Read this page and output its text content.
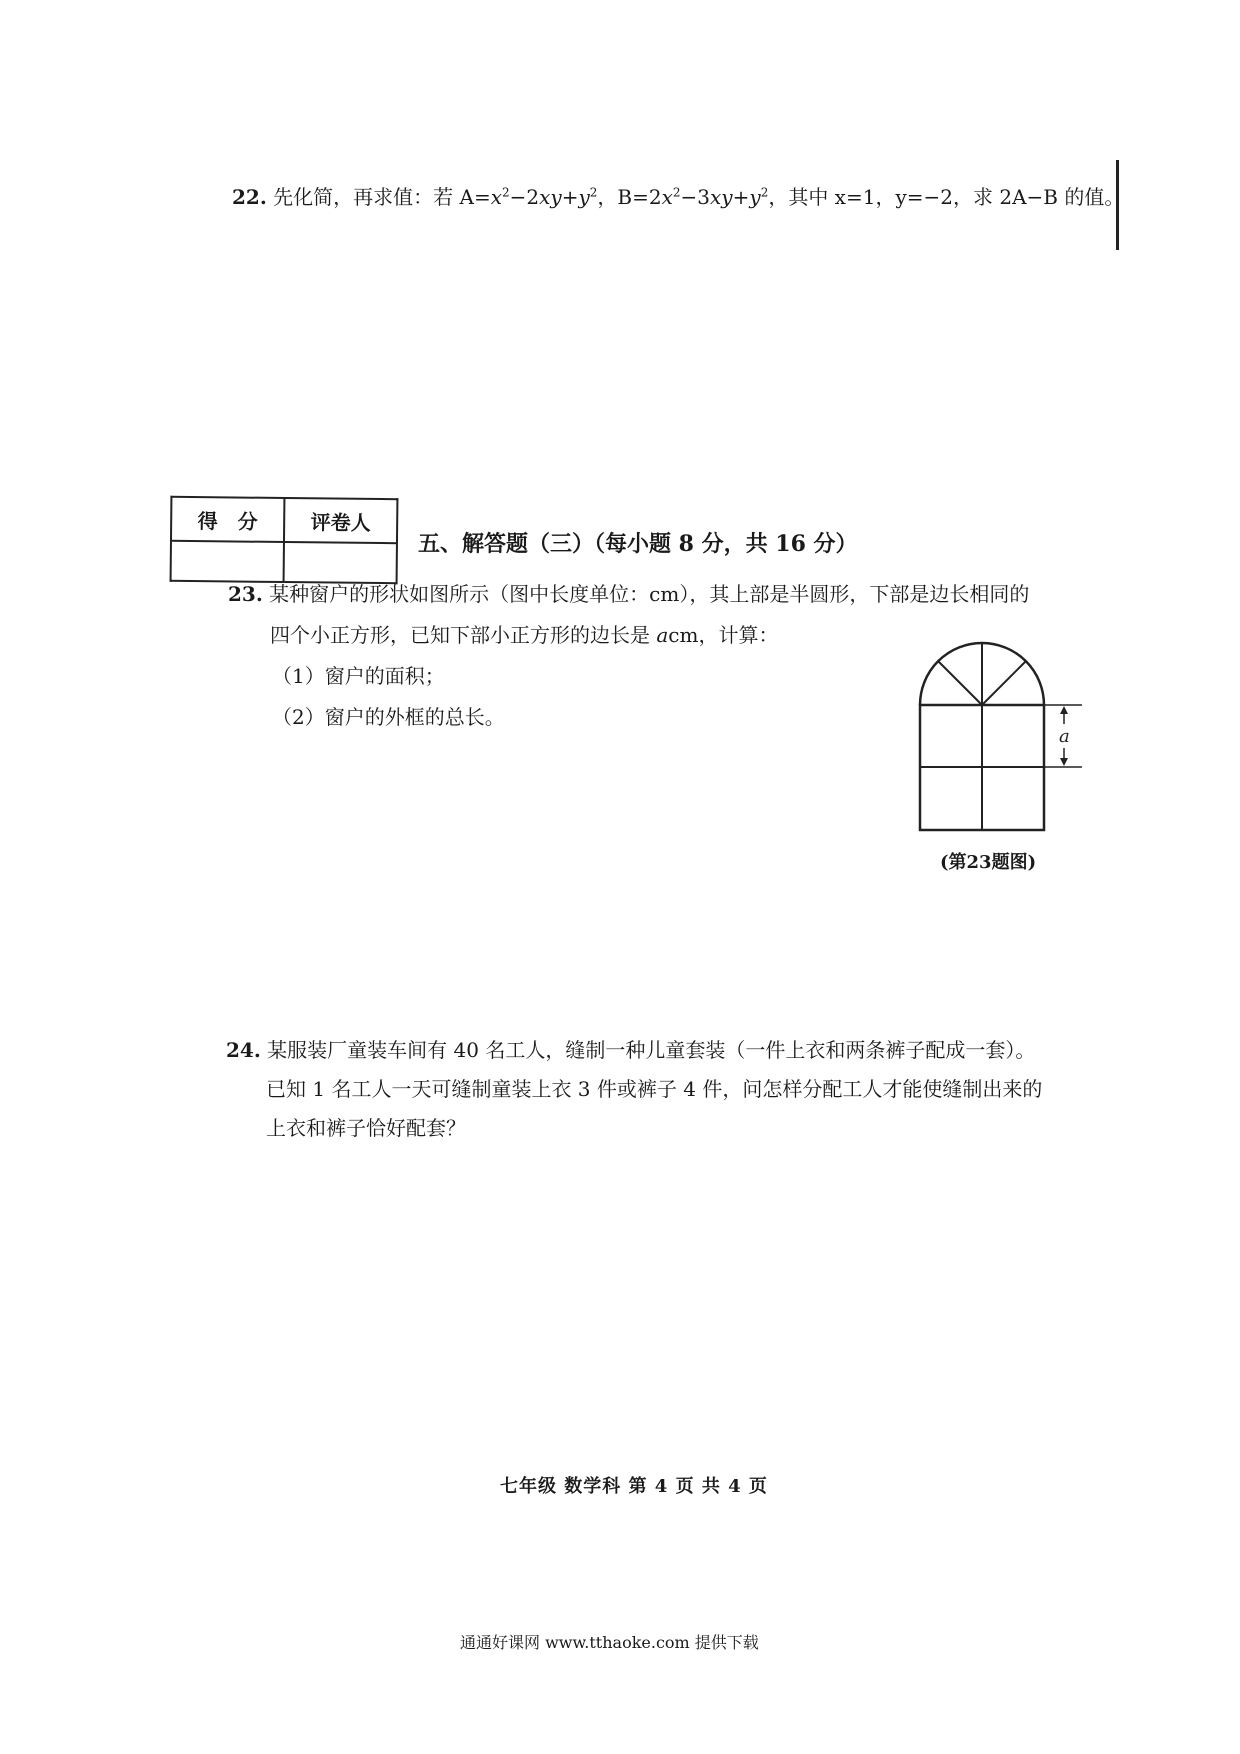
22. 先化简，再求值：若 $A=x^2-2xy+y^2$，$B=2x^2-3xy+y^2$，其中 x=1，y=−2，求 2A−B 的值。
得　分	评卷人

五、解答题（三）（每小题 8 分，共 16 分）
23. 某种窗户的形状如图所示（图中长度单位：cm），其上部是半圆形，下部是边长相同的
四个小正方形，已知下部小正方形的边长是 acm，计算：
（1）窗户的面积；
（2）窗户的外框的总长。
a
(第23题图)
24. 某服装厂童装车间有 40 名工人，缝制一种儿童套装（一件上衣和两条裤子配成一套）。
已知 1 名工人一天可缝制童装上衣 3 件或裤子 4 件，问怎样分配工人才能使缝制出来的
上衣和裤子恰好配套？
七年级 数学科 第 4 页 共 4 页
通通好课网 www.tthaoke.com 提供下载
